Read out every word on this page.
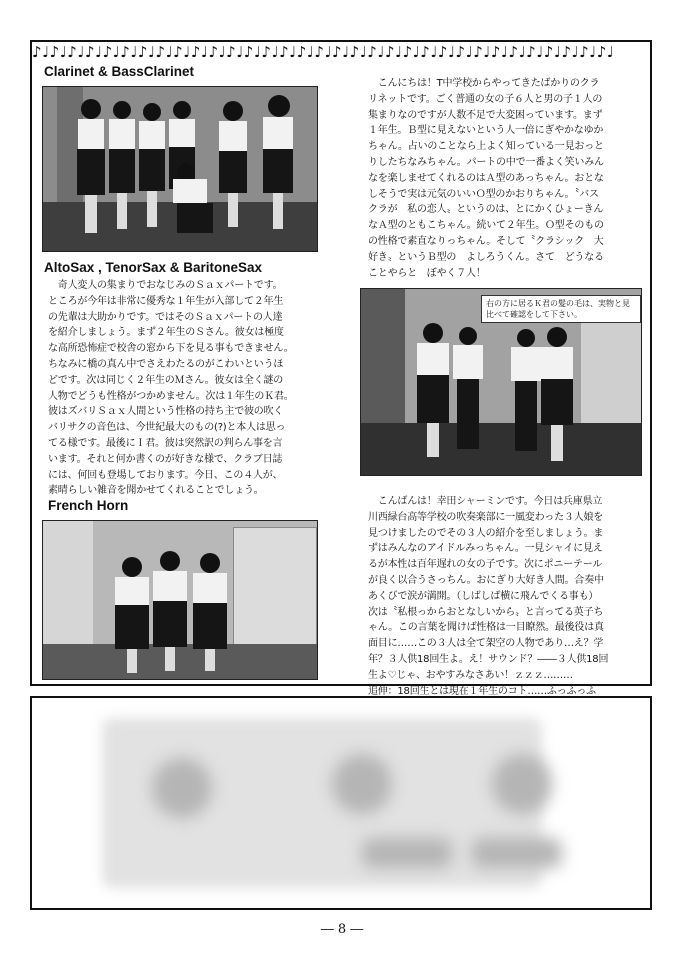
♪♩♪♩♪♩♪♩♪♩♪♩♪♩♪♩♪♩♪♩♪♩♪♩♪♩♪♩♪♩♪♩♪♩♪♩♪♩♪♩♪♩♪♩♪♩♪♩♪♩♪♩♪♩♪♩♪♩♪♩♪♩♪♩♪♩
Clarinet & BassClarinet

　こんにちは！T中学校からやってきたばかりのクラ

リネットです。ごく普通の女の子６人と男の子１人の

集まりなのですが人数不足で大変困っています。まず

１年生。Ｂ型に見えないという人一倍にぎやかなゆか

ちゃん。占いのことなら上よく知っている一見おっと

りしたちなみちゃん。パートの中で一番よく笑いみん

なを楽しませてくれるのはＡ型のあっちゃん。おとな

しそうで実は元気のいいＯ型のかおりちゃん。〝バス

クラが　私の恋人〟というのは、とにかくひょーきん

なＡ型のともこちゃん。続いて２年生。Ｏ型そのもの

の性格で素直なりっちゃん。そして〝クラシック　大

好き〟というＢ型の　よしろうくん。さて　どうなる

ことやらと　ぼやく７人！

AltoSax , TenorSax & BaritoneSax

　奇人変人の集まりでおなじみのＳａｘパートです。

ところが今年は非常に優秀な１年生が入部して２年生

の先輩は大助かりです。ではそのＳａｘパートの人達

を紹介しましょう。まず２年生のＳさん。彼女は極度

な高所恐怖症で校舎の窓から下を見る事もできません。

ちなみに橋の真ん中でさえわたるのがこわいというほ

どです。次は同じく２年生のＭさん。彼女は全く謎の

人物でどうも性格がつかめません。次は１年生のＫ君。

彼はズバリＳａｘ人間という性格の持ち主で彼の吹く

バリサクの音色は、今世紀最大のもの(?)と本人は思っ

てる様です。最後にＩ君。彼は突然訳の判らん事を言

います。それと何か書くのが好きな様で、クラブ日誌

には、何回も登場しております。今日、この４人が、

素晴らしい雑音を聞かせてくれることでしょう。

右の方に居るＫ君の髪の毛は、実物と見比べて確認をして下さい。
French Horn	　こんばんは！幸田シャーミンです。今日は兵庫県立

川西緑台高等学校の吹奏楽部に一風変わった３人娘を

見つけましたのでその３人の紹介を至しましょう。ま

ずはみんなのアイドルみっちゃん。一見シャイに見え

るが本性は百年遅れの女の子です。次にポニーテール

が良く以合うさっちん。おにぎり大好き人間。合奏中

あくびで涙が満開。（しばしば横に飛んでくる事も）

次は〝私根っからおとなしいから〟と言ってる英子ち

ゃん。この言葉を聞けば性格は一目瞭然。最後役は真

面目に……この３人は全て架空の人物であり…え？学

年？３人供18回生よ。え！サウンド？――３人供18回

生よ♡じゃ、おやすみなさあい！ｚｚｚ………

追伸：18回生とは現在１年生のコト……ふっふっふ

― 8 ―
